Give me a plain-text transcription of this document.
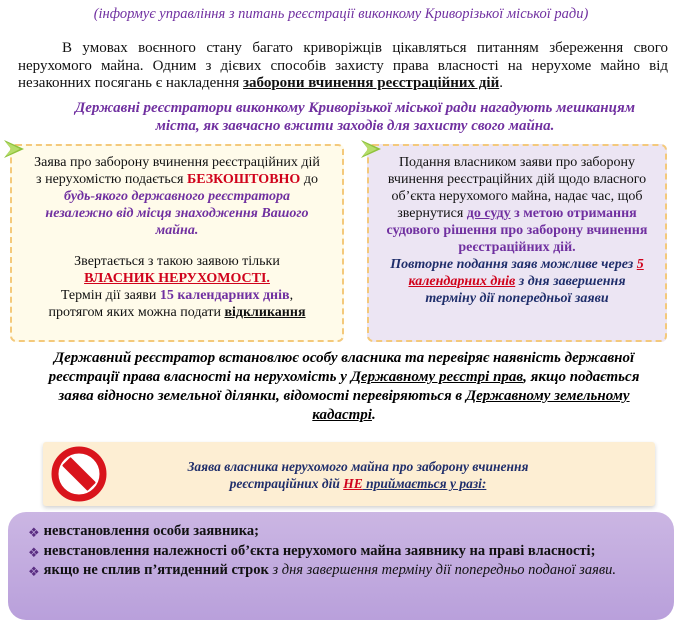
(інформує управління з питань реєстрації виконкому Криворізької міської ради)

В умовах воєнного стану багато криворіжців цікавляться питанням збереження свого нерухомого майна. Одним з дієвих способів захисту права власності на нерухоме майно від незаконних посягань є накладення заборони вчинення реєстраційних дій.

Державні реєстратори виконкому Криворізької міської ради нагадують мешканцям міста, як завчасно вжити заходів для захисту свого майна.
Заява про заборону вчинення реєстраційних дій з нерухомістю подається БЕЗКОШТОВНО до будь-якого державного реєстратора незалежно від місця знаходження Вашого майна.
Звертається з такою заявою тільки
ВЛАСНИК НЕРУХОМОСТІ.
Термін дії заяви 15 календарних днів, протягом яких можна подати відкликання
Подання власником заяви про заборону вчинення реєстраційних дій щодо власного об’єкта нерухомого майна, надає час, щоб звернутися до суду з метою отримання судового рішення про заборону вчинення реєстраційних дій.
Повторне подання заяв можливе через 5 календарних днів з дня завершення терміну дії попередньої заяви
Державний реєстратор встановлює особу власника та перевіряє наявність державної реєстрації права власності на нерухомість у Державному реєстрі прав, якщо подається заява відносно земельної ділянки, відомості перевіряються в Державному земельному кадастрі.
Заява власника нерухомого майна про заборону вчинення реєстраційних дій НЕ приймається у разі:
❖ невстановлення особи заявника;
❖ невстановлення належності об’єкта нерухомого майна заявнику на праві власності;
❖ якщо не сплив п’ятиденний строк з дня завершення терміну дії попередньо поданої заяви.
